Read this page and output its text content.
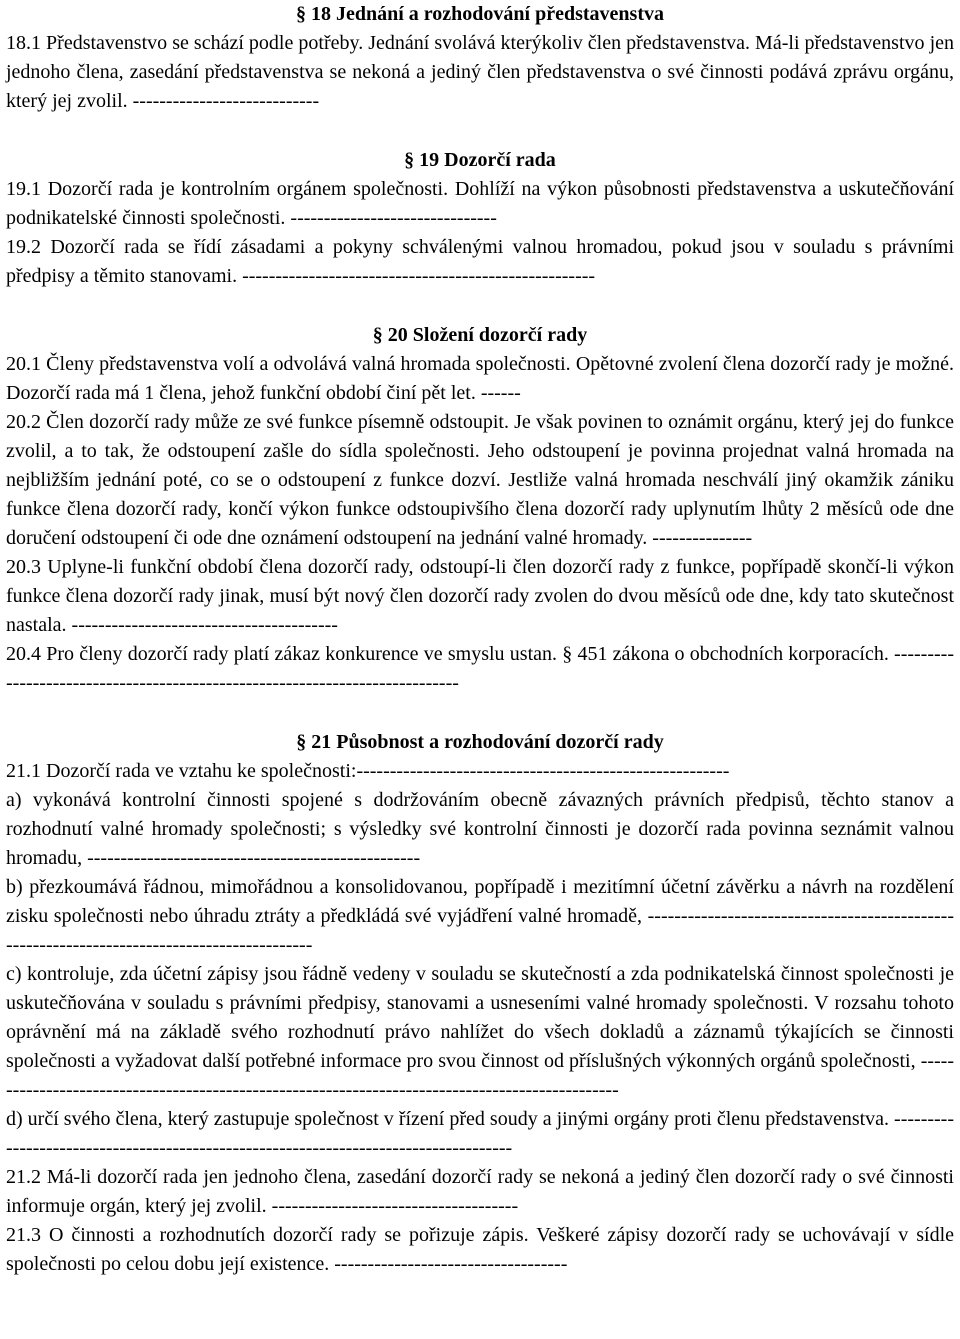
§ 18 Jednání a rozhodování představenstva

18.1 Představenstvo se schází podle potřeby. Jednání svolává kterýkoliv člen představenstva. Má-li představenstvo jen jednoho člena, zasedání představenstva se nekoná a jediný člen představenstva o své činnosti podává zprávu orgánu, který jej zvolil. ----------------------------

§ 19 Dozorčí rada

19.1 Dozorčí rada je kontrolním orgánem společnosti. Dohlíží na výkon působnosti představenstva a uskutečňování podnikatelské činnosti společnosti. -------------------------------

19.2 Dozorčí rada se řídí zásadami a pokyny schválenými valnou hromadou, pokud jsou v souladu s právními předpisy a těmito stanovami. -----------------------------------------------------

§ 20 Složení dozorčí rady

20.1 Členy představenstva volí a odvolává valná hromada společnosti. Opětovné zvolení člena dozorčí rady je možné. Dozorčí rada má 1 člena, jehož funkční období činí pět let. ------

20.2 Člen dozorčí rady může ze své funkce písemně odstoupit. Je však povinen to oznámit orgánu, který jej do funkce zvolil, a to tak, že odstoupení zašle do sídla společnosti. Jeho odstoupení je povinna projednat valná hromada na nejbližším jednání poté, co se o odstoupení z funkce dozví. Jestliže valná hromada neschválí jiný okamžik zániku funkce člena dozorčí rady, končí výkon funkce odstoupivšího člena dozorčí rady uplynutím lhůty 2 měsíců ode dne doručení odstoupení či ode dne oznámení odstoupení na jednání valné hromady. ---------------

20.3 Uplyne-li funkční období člena dozorčí rady, odstoupí-li člen dozorčí rady z funkce, popřípadě skončí-li výkon funkce člena dozorčí rady jinak, musí být nový člen dozorčí rady zvolen do dvou měsíců ode dne, kdy tato skutečnost nastala. ----------------------------------------

20.4 Pro členy dozorčí rady platí zákaz konkurence ve smyslu ustan. § 451 zákona o obchodních korporacích. -----------------------------------------------------------------------------

§ 21 Působnost a rozhodování dozorčí rady

21.1 Dozorčí rada ve vztahu ke společnosti:--------------------------------------------------------

a) vykonává kontrolní činnosti spojené s dodržováním obecně závazných právních předpisů, těchto stanov a rozhodnutí valné hromady společnosti; s výsledky své kontrolní činnosti je dozorčí rada povinna seznámit valnou hromadu, --------------------------------------------------

b) přezkoumává řádnou, mimořádnou a konsolidovanou, popřípadě i mezitímní účetní závěrku a návrh na rozdělení zisku společnosti nebo úhradu ztráty a předkládá své vyjádření valné hromadě, --------------------------------------------------------------------------------------------

c) kontroluje, zda účetní zápisy jsou řádně vedeny v souladu se skutečností a zda podnikatelská činnost společnosti je uskutečňována v souladu s právními předpisy, stanovami a usneseními valné hromady společnosti. V rozsahu tohoto oprávnění má na základě svého rozhodnutí právo nahlížet do všech dokladů a záznamů týkajících se činnosti společnosti a vyžadovat další potřebné informace pro svou činnost od příslušných výkonných orgánů společnosti, -------------------------------------------------------------------------------------------------

d) určí svého člena, který zastupuje společnost v řízení před soudy a jinými orgány proti členu představenstva. -------------------------------------------------------------------------------------

21.2 Má-li dozorčí rada jen jednoho člena, zasedání dozorčí rady se nekoná a jediný člen dozorčí rady o své činnosti informuje orgán, který jej zvolil. -------------------------------------

21.3 O činnosti a rozhodnutích dozorčí rady se pořizuje zápis. Veškeré zápisy dozorčí rady se uchovávají v sídle společnosti po celou dobu její existence. -----------------------------------
